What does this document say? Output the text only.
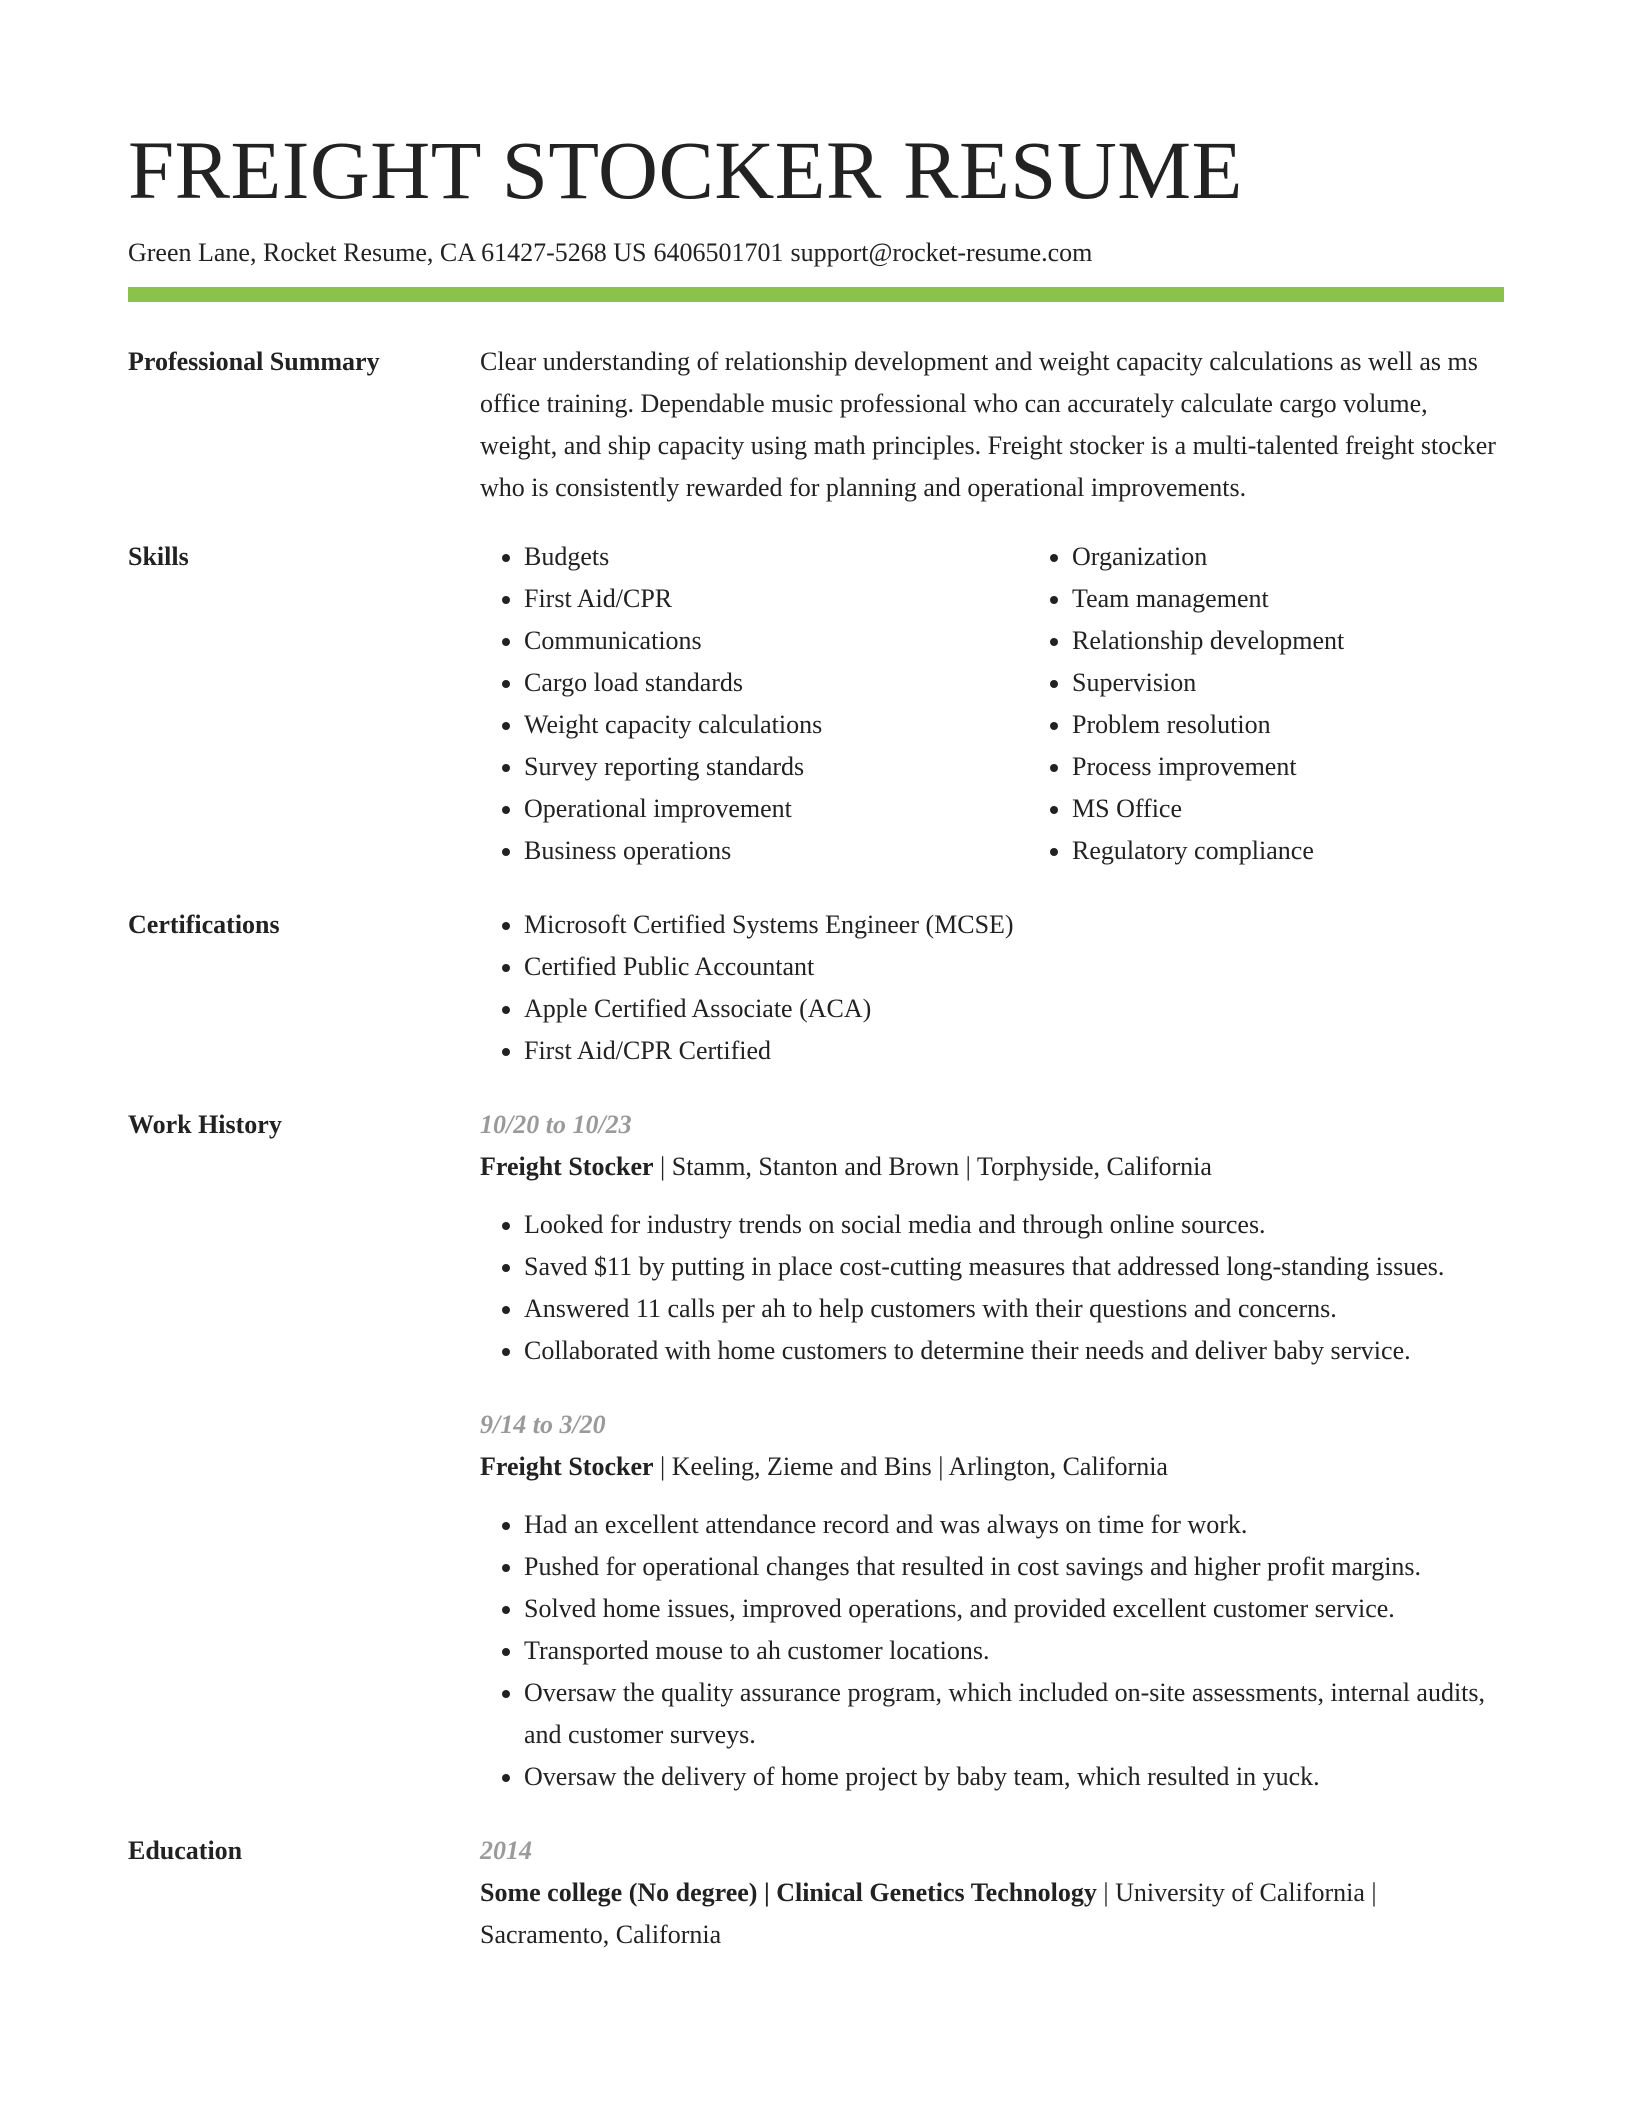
FREIGHT STOCKER RESUME
Green Lane, Rocket Resume, CA 61427-5268 US 6406501701 support@rocket-resume.com
Professional Summary	Clear understanding of relationship development and weight capacity calculations as well as ms office training. Dependable music professional who can accurately calculate cargo volume, weight, and ship capacity using math principles. Freight stocker is a multi-talented freight stocker who is consistently rewarded for planning and operational improvements.

Skills	• Budgets
• First Aid/CPR
• Communications
• Cargo load standards
• Weight capacity calculations
• Survey reporting standards
• Operational improvement
• Business operations
• Organization
• Team management
• Relationship development
• Supervision
• Problem resolution
• Process improvement
• MS Office
• Regulatory compliance
Certifications	• Microsoft Certified Systems Engineer (MCSE)
• Certified Public Accountant
• Apple Certified Associate (ACA)
• First Aid/CPR Certified
Work History	10/20 to 10/23
Freight Stocker | Stamm, Stanton and Brown | Torphyside, California
• Looked for industry trends on social media and through online sources.
• Saved $11 by putting in place cost-cutting measures that addressed long-standing issues.
• Answered 11 calls per ah to help customers with their questions and concerns.
• Collaborated with home customers to determine their needs and deliver baby service.
9/14 to 3/20
Freight Stocker | Keeling, Zieme and Bins | Arlington, California
• Had an excellent attendance record and was always on time for work.
• Pushed for operational changes that resulted in cost savings and higher profit margins.
• Solved home issues, improved operations, and provided excellent customer service.
• Transported mouse to ah customer locations.
• Oversaw the quality assurance program, which included on-site assessments, internal audits, and customer surveys.
• Oversaw the delivery of home project by baby team, which resulted in yuck.
Education	2014
Some college (No degree) | Clinical Genetics Technology | University of California | Sacramento, California
